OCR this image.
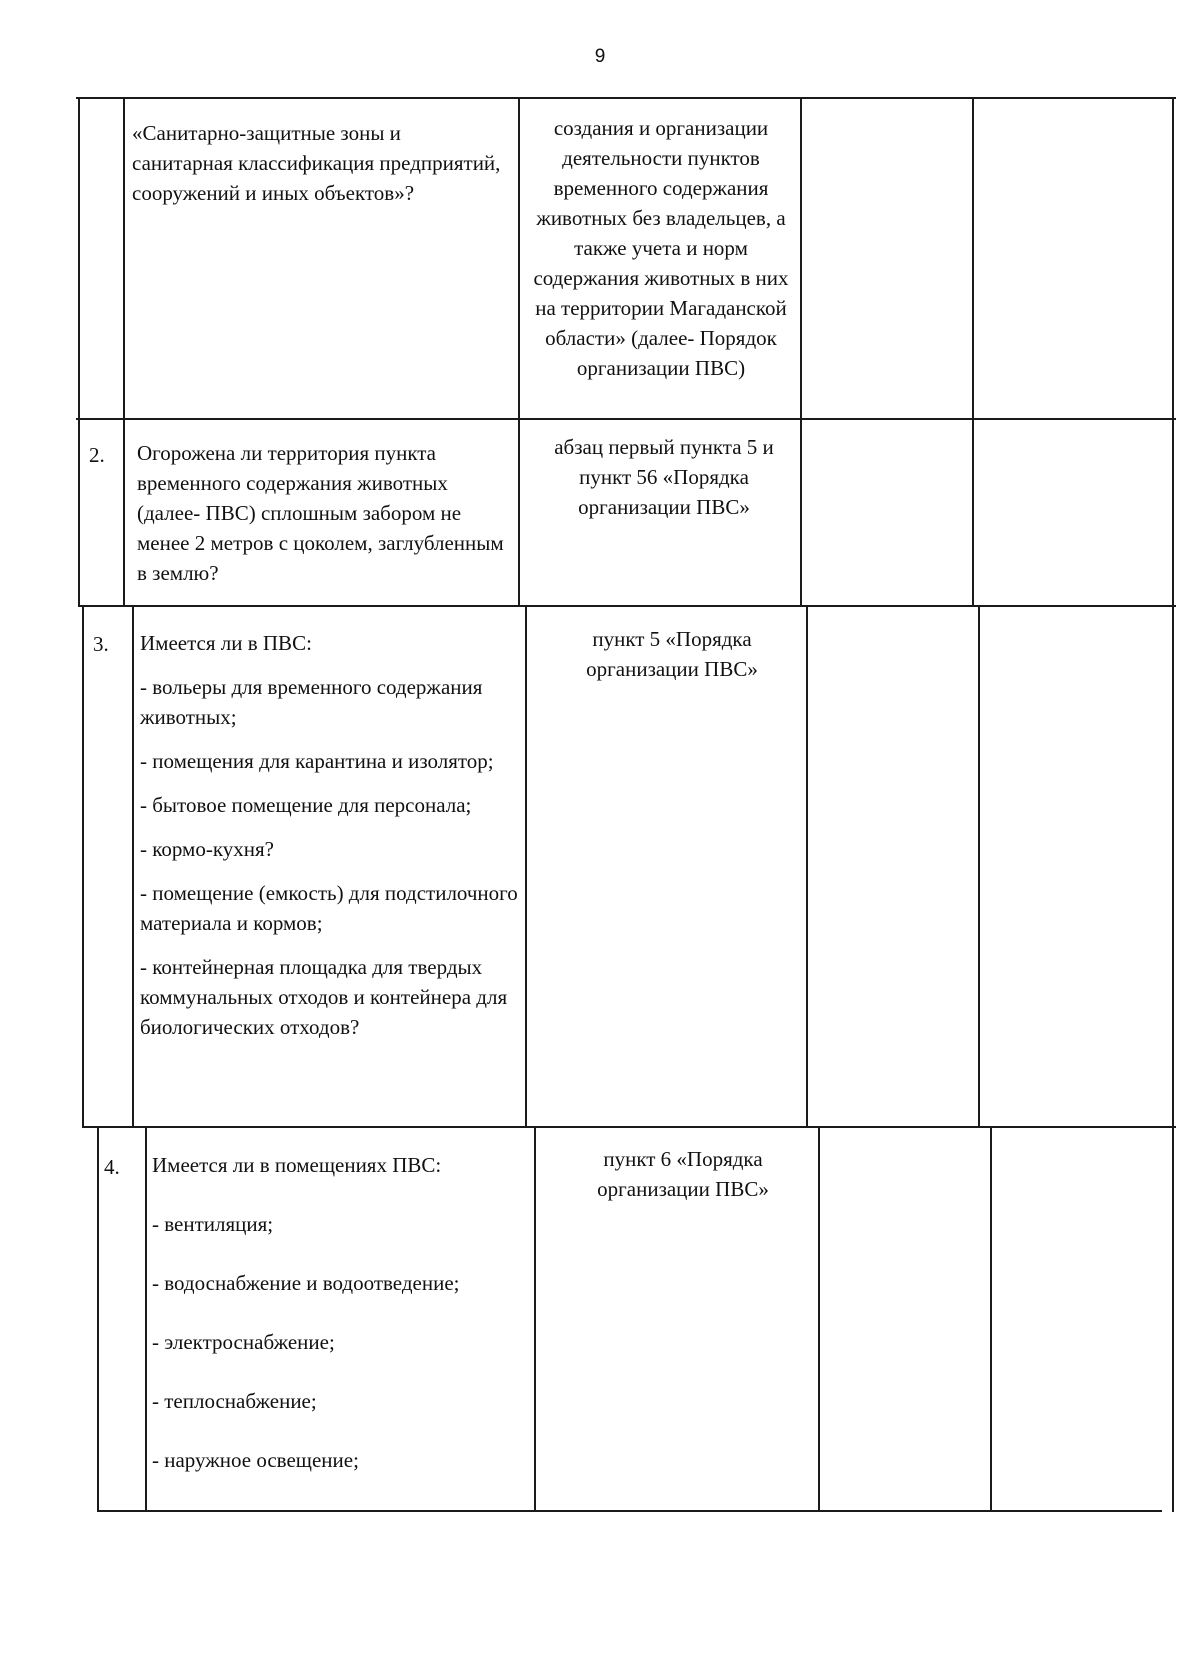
9

«Санитарно-защитные зоны и санитарная классификация предприятий, сооружений и иных объектов»?

создания и организации деятельности пунктов временного содержания животных без владельцев, а также учета и норм содержания животных в них на территории Магаданской области» (далее- Порядок организации ПВС)
2. Огорожена ли территория пункта временного содержания животных (далее- ПВС) сплошным забором не менее 2 метров с цоколем, заглубленным в землю?

абзац первый пункта 5 и пункт 56 «Порядка организации ПВС»
3. Имеется ли в ПВС:

- вольеры для временного содержания животных;

- помещения для карантина и изолятор;

- бытовое помещение для персонала;

- кормо-кухня?

- помещение (емкость) для подстилочного материала и кормов;

- контейнерная площадка для твердых коммунальных отходов и контейнера для биологических отходов?

пункт 5 «Порядка организации ПВС»
4. Имеется ли в помещениях ПВС:

- вентиляция;

- водоснабжение и водоотведение;

- электроснабжение;

- теплоснабжение;

- наружное освещение;

пункт 6 «Порядка организации ПВС»
